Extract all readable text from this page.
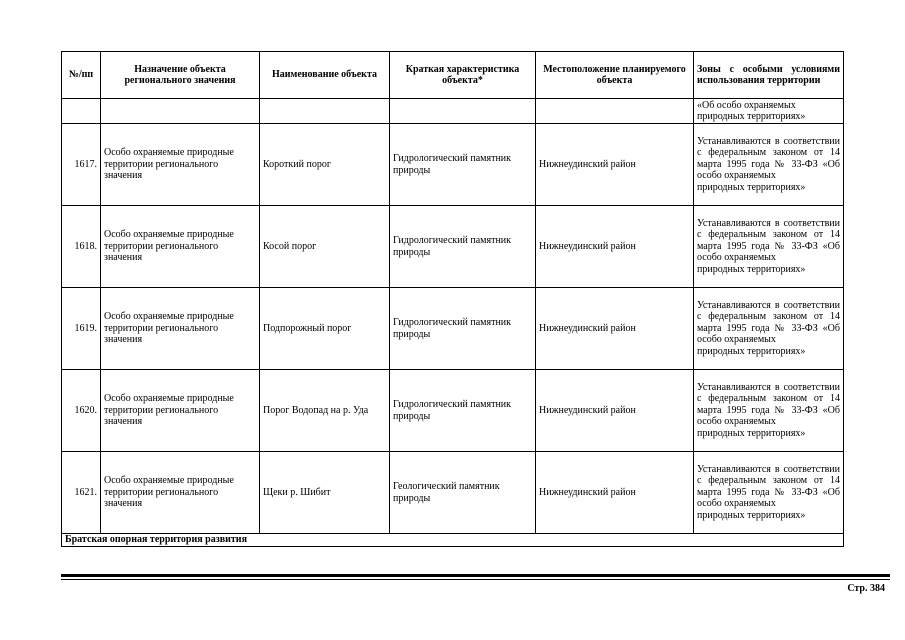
№/пп	Назначение объекта регионального значения	Наименование объекта	Краткая характеристика объекта*	Местоположение планируемого объекта	Зоны с особыми условиями использования территории

					«Об особо охраняемых
природных территориях»

1617.	Особо охраняемые природные территории регионального значения	Короткий порог	Гидрологический памятник природы	Нижнеудинский район	Устанавливаются в соответствии с федеральным законом от 14 марта 1995 года № 33-ФЗ «Об особо охраняемых
природных территориях»

1618.	Особо охраняемые природные территории регионального значения	Косой порог	Гидрологический памятник природы	Нижнеудинский район	Устанавливаются в соответствии с федеральным законом от 14 марта 1995 года № 33-ФЗ «Об особо охраняемых
природных территориях»

1619.	Особо охраняемые природные территории регионального значения	Подпорожный порог	Гидрологический памятник природы	Нижнеудинский район	Устанавливаются в соответствии с федеральным законом от 14 марта 1995 года № 33-ФЗ «Об особо охраняемых
природных территориях»

1620.	Особо охраняемые природные территории регионального значения	Порог Водопад на р. Уда	Гидрологический памятник природы	Нижнеудинский район	Устанавливаются в соответствии с федеральным законом от 14 марта 1995 года № 33-ФЗ «Об особо охраняемых
природных территориях»

1621.	Особо охраняемые природные территории регионального значения	Щеки р. Шибит	Геологический памятник природы	Нижнеудинский район	Устанавливаются в соответствии с федеральным законом от 14 марта 1995 года № 33-ФЗ «Об особо охраняемых
природных территориях»

Братская опорная территория развития					
Стр. 384
